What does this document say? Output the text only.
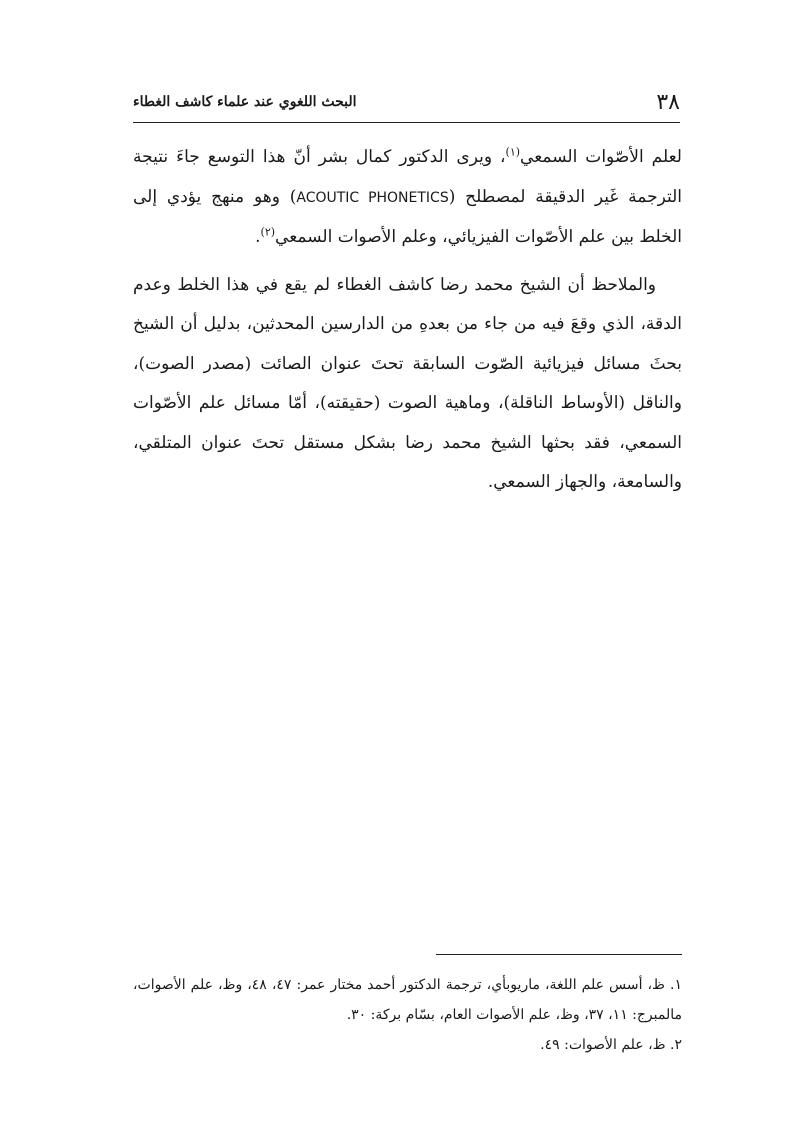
٣٨
البحث اللغوي عند علماء كاشف الغطاء

لعلم الأصّوات السمعي$^{(١)}$، ويرى الدكتور كمال بشر أنّ هذا التوسع جاءَ نتيجة الترجمة غَير الدقيقة لمصطلح (ACOUTIC PHONETICS) وهو منهج يؤدي إلى الخلط بين علم الأصّوات الفيزيائي، وعلم الأصوات السمعي$^{(٢)}$.

والملاحظ أن الشيخ محمد رضا كاشف الغطاء لم يقع في هذا الخلط وعدم الدقة، الذي وقعَ فيه من جاء من بعدهِ من الدارسين المحدثين، بدليل أن الشيخ بحثَ مسائل فيزيائية الصّوت السابقة تحتَ عنوان الصائت (مصدر الصوت)، والناقل (الأوساط الناقلة)، وماهية الصوت (حقيقته)، أمّا مسائل علم الأصّوات السمعي، فقد بحثها الشيخ محمد رضا بشكل مستقل تحتَ عنوان المتلقي، والسامعة، والجهاز السمعي.

١. ظ، أسس علم اللغة، ماريوبأي، ترجمة الدكتور أحمد مختار عمر: ٤٧، ٤٨، وظ، علم الأصوات، مالمبرج: ١١، ٣٧، وظ، علم الأصوات العام، بسّام بركة: ٣٠.

٢. ظ، علم الأصوات: ٤٩.
